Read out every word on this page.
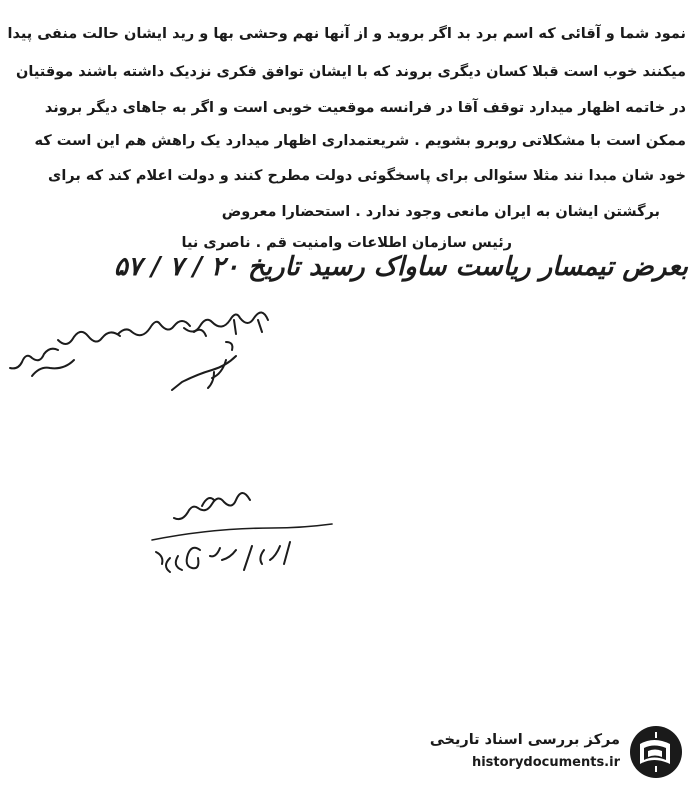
نمود شما و آقائی که اسم برد بد اگر بروید و از آنها نهم وحشی بها و رید ایشان حالت منفی پیدا
میکنند خوب است قبلا کسان دیگری بروند که با ایشان توافق فکری نزدیک داشته باشند موقتیان
در خاتمه اظهار میدارد توقف آقا در فرانسه موقعیت خوبی است و اگر به جاهای دیگر بروند
ممکن است با مشکلاتی روبرو بشویم . شریعتمداری اظهار میدارد یک راهش هم این است که
خود شان مبدا نند مثلا سئوالی برای پاسخگوئی دولت مطرح کنند و دولت اعلام کند که برای
برگشتن ایشان به ایران مانعی وجود ندارد . استحضارا معروض
رئیس سازمان اطلاعات وامنیت قم . ناصری نیا
بعرض تیمسار ریاست ساواک رسید تاریخ ۲۰ / ۷ / ۵۷
مرکز بررسی اسناد تاریخی
historydocuments.ir
